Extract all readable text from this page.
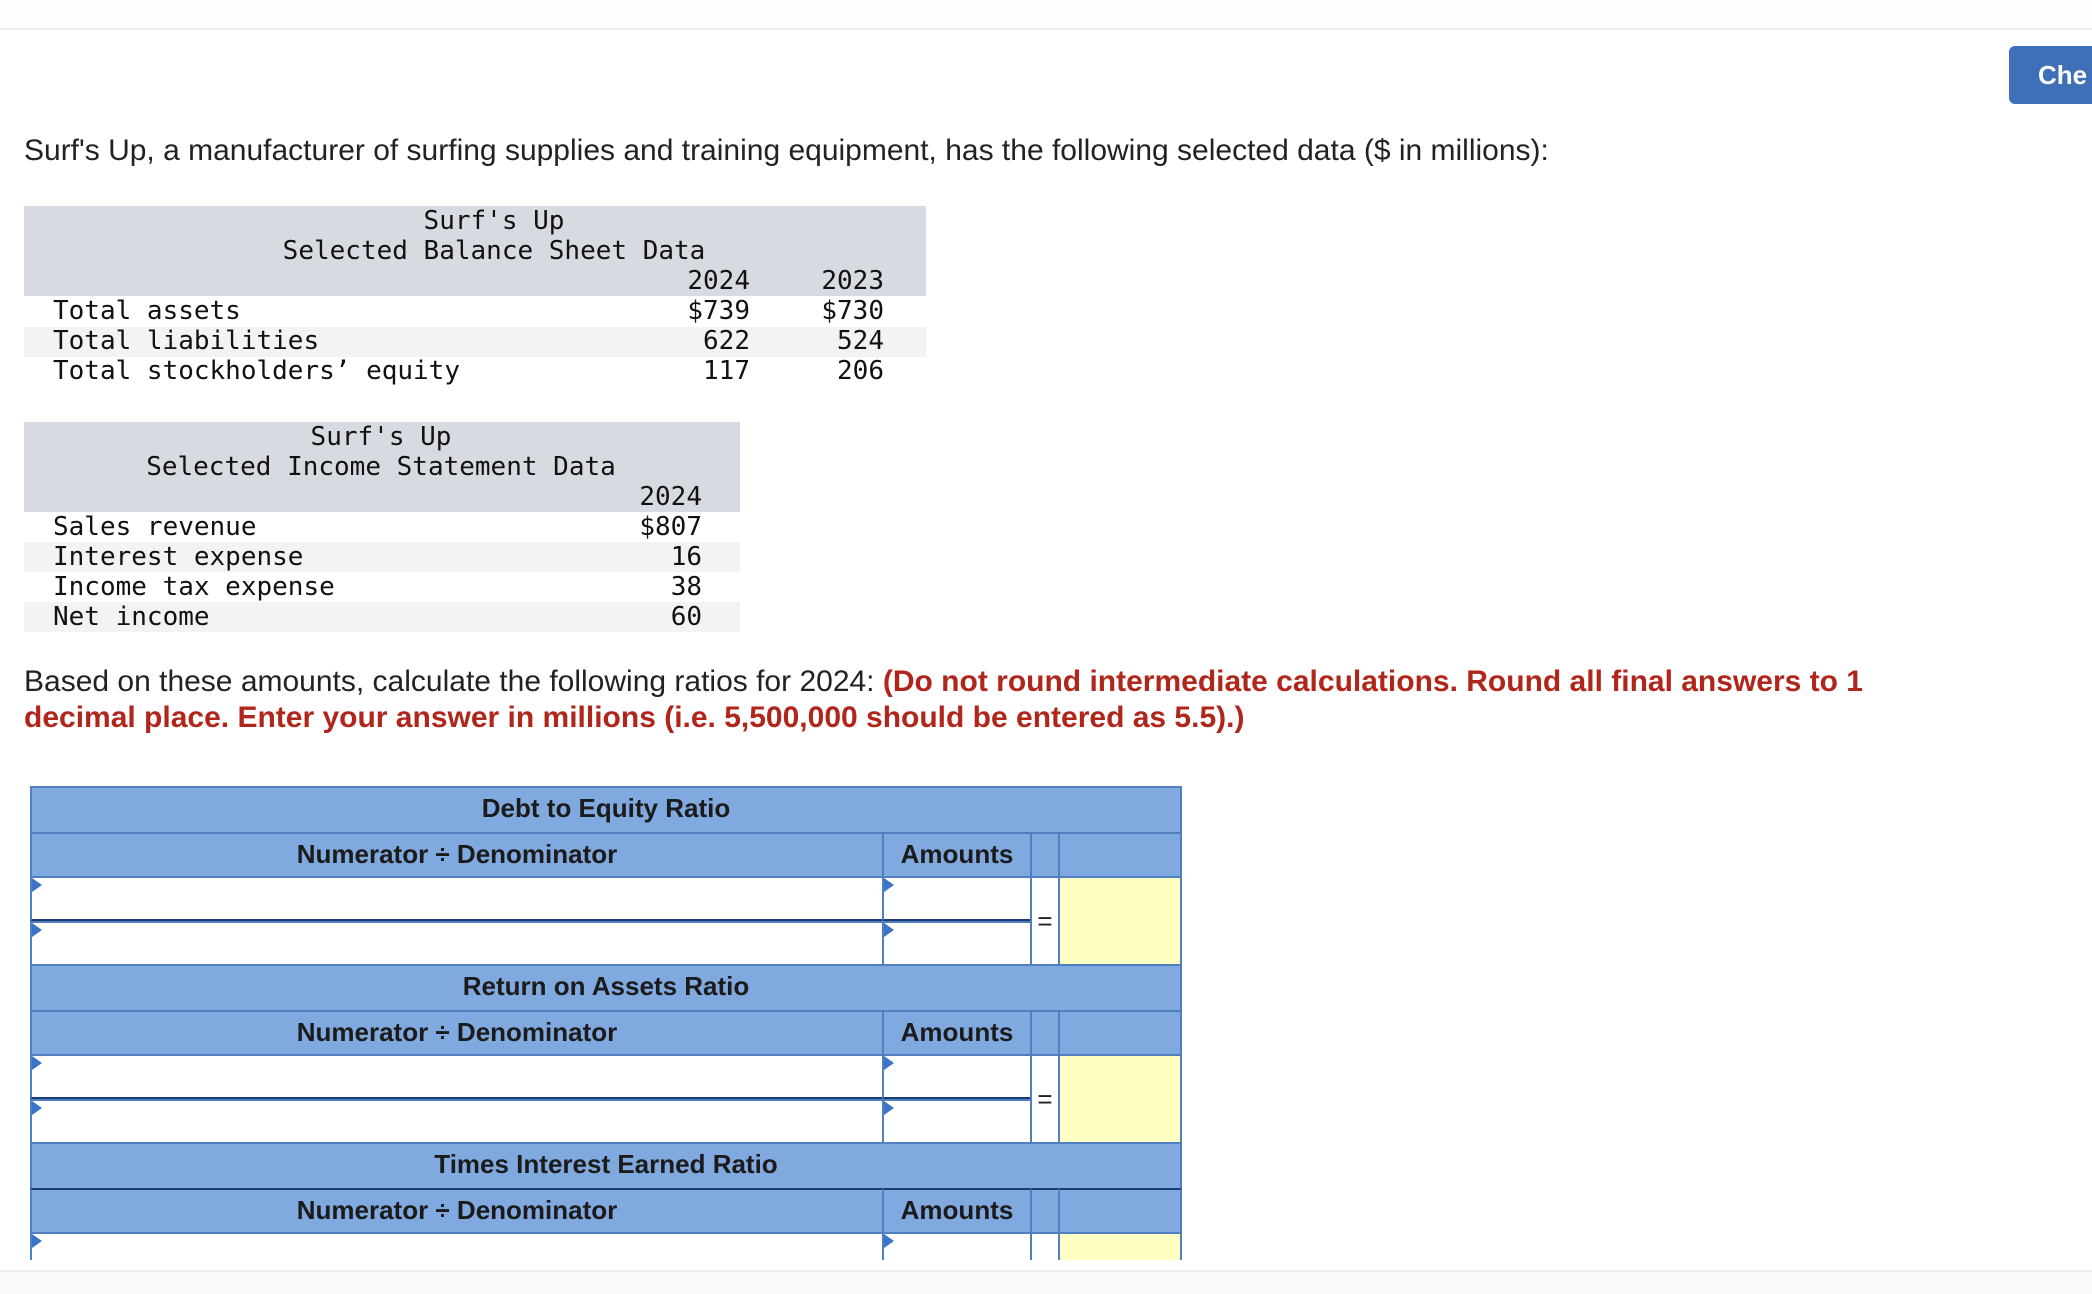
Che
Surf's Up, a manufacturer of surfing supplies and training equipment, has the following selected data ($ in millions):
Surf's Up
Selected Balance Sheet Data
2024	2023
Total assets	$739	$730
Total liabilities	622	524
Total stockholders’ equity	117	206
Surf's Up
Selected Income Statement Data
2024
Sales revenue	$807
Interest expense	16
Income tax expense	38
Net income	60
Based on these amounts, calculate the following ratios for 2024: (Do not round intermediate calculations. Round all final answers to 1 decimal place. Enter your answer in millions (i.e. 5,500,000 should be entered as 5.5).)
Debt to Equity Ratio
Numerator ÷ Denominator	Amounts
=
Return on Assets Ratio
Numerator ÷ Denominator	Amounts
=
Times Interest Earned Ratio
Numerator ÷ Denominator	Amounts
